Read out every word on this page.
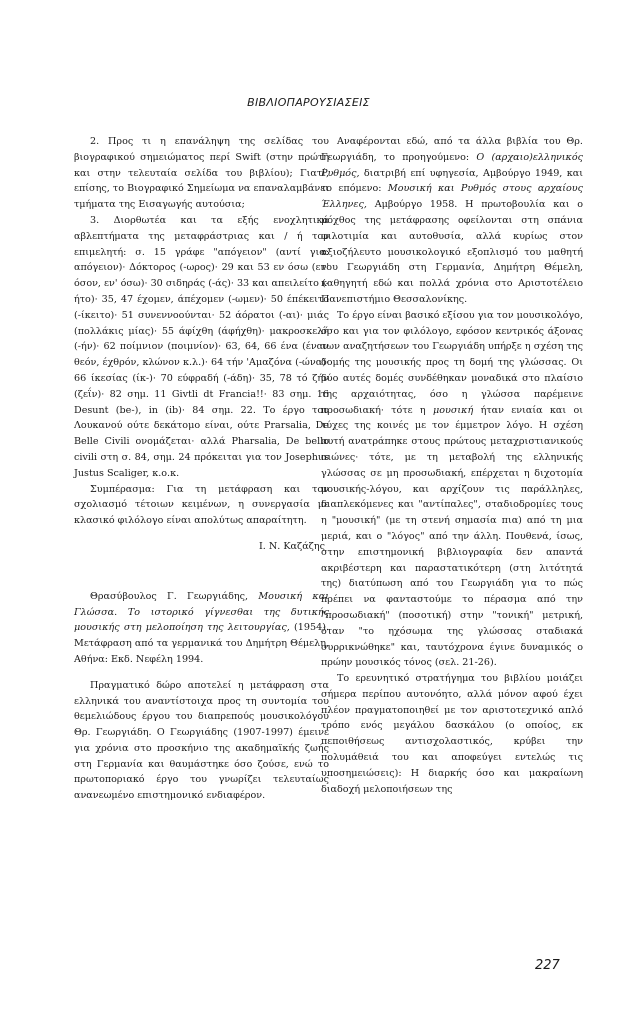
ΒΙΒΛΙΟΠΑΡΟΥΣΙΑΣΕΙΣ

2. Προς τι η επανάληψη της σελίδας του βιογραφικού σημειώματος περί Swift (στην πρώτη και στην τελευταία σελίδα του βιβλίου); Γιατί, επίσης, το Βιογραφικό Σημείωμα να επαναλαμβάνει τμήματα της Εισαγωγής αυτούσια;

3. Διορθωτέα και τα εξής ενοχλητικά αβλεπτήματα της μεταφράστριας και / ή του επιμελητή: σ. 15 γράφε "απόγειον" (αντί για: απόγειον)· Δόκτορος (-ωρος)· 29 και 53 εν όσω (εν' όσον, εν' όσω)· 30 σιδηράς (-άς)· 33 και απειλείτο (-ήτο)· 35, 47 έχομεν, άπέχομεν (-ωμεν)· 50 έπέκειτο (-ίκειτο)· 51 συνεννοούνται· 52 άόρατοι (-αι)· μιάς (πολλάκις μίας)· 55 άφίχθη (άφήχθη)· μακροσκελή (-ήν)· 62 ποίμνιον (ποιμνίον)· 63, 64, 66 ένα (έναν θεόν, έχθρόν, κλώνον κ.λ.)· 64 τήν 'Αμαζόνα (-ώνα)· 66 ίκεσίας (ίκ-)· 70 εύφραδή (-άδη)· 35, 78 τό ζήν (ζεΐν)· 82 σημ. 11 Givtli dt Francia!!· 83 σημ. 16 Desunt (be-), in (ib)· 84 σημ. 22. Το έργο του Λουκανού ούτε δεκάτομο είναι, ούτε Prarsalia, De Belle Civili ονομάζεται· αλλά Pharsalia, De bello civili στη σ. 84, σημ. 24 πρόκειται για τον Josephus Justus Scaliger, κ.ο.κ.

Συμπέρασμα: Για τη μετάφραση και τον σχολιασμό τέτοιων κειμένων, η συνεργασία με κλασικό φιλόλογο είναι απολύτως απαραίτητη.

Ι. Ν. Καζάζης

Θρασύβουλος Γ. Γεωργιάδης, Μουσική και Γλώσσα. Το ιστορικό γίγνεσθαι της δυτικής μουσικής στη μελοποίηση της λειτουργίας, (1954). Μετάφραση από τα γερμανικά του Δημήτρη Θέμελη, Αθήνα: Εκδ. Νεφέλη 1994.

Πραγματικό δώρο αποτελεί η μετάφραση στα ελληνικά του αναντίστοιχα προς τη συντομία του θεμελιώδους έργου του διαπρεπούς μουσικολόγου Θρ. Γεωργιάδη. Ο Γεωργιάδης (1907-1997) έμεινε για χρόνια στο προσκήνιο της ακαδημαϊκής ζωής στη Γερμανία και θαυμάστηκε όσο ζούσε, ενώ το πρωτοποριακό έργο του γνωρίζει τελευταίως ανανεωμένο επιστημονικό ενδιαφέρον.

Αναφέρονται εδώ, από τα άλλα βιβλία του Θρ. Γεωργιάδη, το προηγούμενο: Ο (αρχαιο)ελληνικός Ρυθμός, διατριβή επί υφηγεσία, Αμβούργο 1949, και το επόμενο: Μουσική και Ρυθμός στους αρχαίους Έλληνες, Αμβούργο 1958. Η πρωτοβουλία και ο μόχθος της μετάφρασης οφείλονται στη σπάνια φιλοτιμία και αυτοθυσία, αλλά κυρίως στον αξιοζήλευτο μουσικολογικό εξοπλισμό του μαθητή του Γεωργιάδη στη Γερμανία, Δημήτρη Θέμελη, καθηγητή εδώ και πολλά χρόνια στο Αριστοτέλειο Πανεπιστήμιο Θεσσαλονίκης.

Το έργο είναι βασικό εξίσου για τον μουσικολόγο, όσο και για τον φιλόλογο, εφόσον κεντρικός άξονας των αναζητήσεων του Γεωργιάδη υπήρξε η σχέση της δομής της μουσικής προς τη δομή της γλώσσας. Οι δύο αυτές δομές συνδέθηκαν μοναδικά στο πλαίσιο της αρχαιότητας, όσο η γλώσσα παρέμεινε προσωδιακή· τότε η μουσική ήταν ενιαία και οι τύχες της κοινές με τον έμμετρον λόγο. Η σχέση αυτή ανατράπηκε στους πρώτους μεταχριστιανικούς αιώνες· τότε, με τη μεταβολή της ελληνικής γλώσσας σε μη προσωδιακή, επέρχεται η διχοτομία μουσικής-λόγου, και αρχίζουν τις παράλληλες, διαπλεκόμενες και "αντίπαλες", σταδιοδρομίες τους η "μουσική" (με τη στενή σημασία πια) από τη μια μεριά, και ο "λόγος" από την άλλη. Πουθενά, ίσως, στην επιστημονική βιβλιογραφία δεν απαντά ακριβέστερη και παραστατικότερη (στη λιτότητά της) διατύπωση από του Γεωργιάδη για το πώς πρέπει να φανταστούμε το πέρασμα από την "προσωδιακή" (ποσοτική) στην "τονική" μετρική, όταν "το ηχόσωμα της γλώσσας σταδιακά συρρικνώθηκε" και, ταυτόχρονα έγινε δυναμικός ο πρώην μουσικός τόνος (σελ. 21-26).

Το ερευνητικό στρατήγημα του βιβλίου μοιάζει σήμερα περίπου αυτονόητο, αλλά μόνον αφού έχει πλέον πραγματοποιηθεί με τον αριστοτεχνικό απλό τρόπο ενός μεγάλου δασκάλου (ο οποίος, εκ πεποιθήσεως αντισχολαστικός, κρύβει την πολυμάθειά του και αποφεύγει εντελώς τις υποσημειώσεις): Η διαρκής όσο και μακραίωνη διαδοχή μελοποιήσεων της

227
